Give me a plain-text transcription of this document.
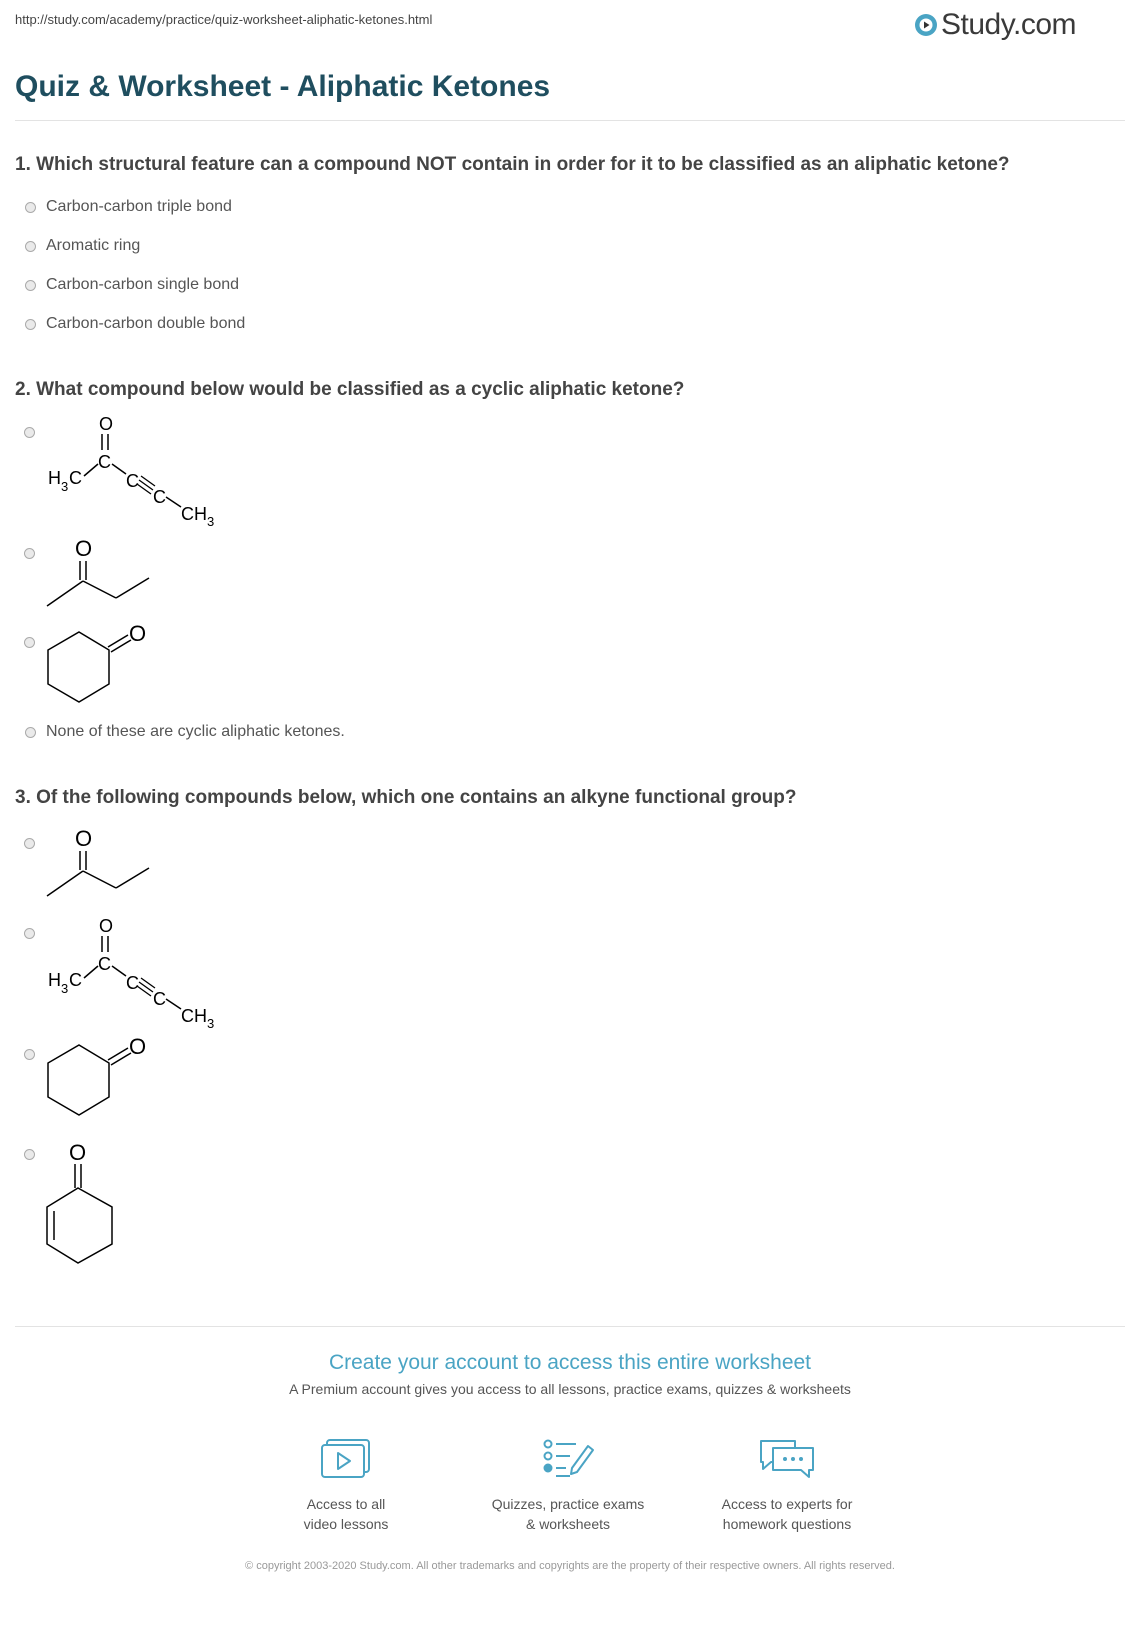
http://study.com/academy/practice/quiz-worksheet-aliphatic-ketones.html	Study.com
Quiz & Worksheet - Aliphatic Ketones
1. Which structural feature can a compound NOT contain in order for it to be classified as an aliphatic ketone?
Carbon-carbon triple bond
Aromatic ring
Carbon-carbon single bond
Carbon-carbon double bond
2. What compound below would be classified as a cyclic aliphatic ketone?
O
C
H 3 C C
C
CH 3
O
O
None of these are cyclic aliphatic ketones.
3. Of the following compounds below, which one contains an alkyne functional group?
O
O
C
H 3 C C
C
CH 3
O
O
Create your account to access this entire worksheet
A Premium account gives you access to all lessons, practice exams, quizzes & worksheets
Access to all
video lessons
Quizzes, practice exams
& worksheets
Access to experts for
homework questions
© copyright 2003-2020 Study.com. All other trademarks and copyrights are the property of their respective owners. All rights reserved.
